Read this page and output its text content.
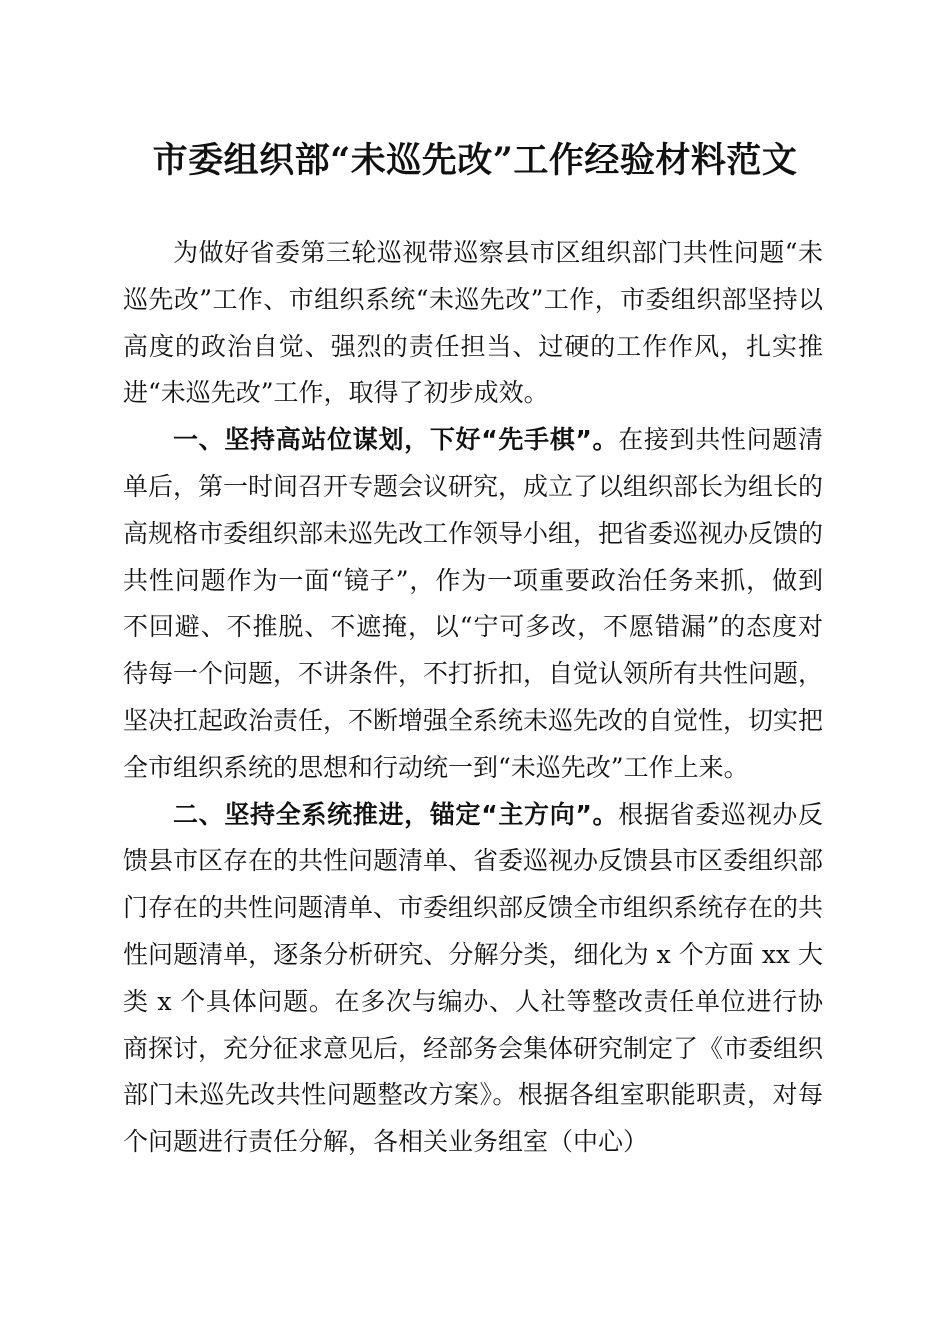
市委组织部“未巡先改”工作经验材料范文

为做好省委第三轮巡视带巡察县市区组织部门共性问题“未巡先改”工作、市组织系统“未巡先改”工作，市委组织部坚持以高度的政治自觉、强烈的责任担当、过硬的工作作风，扎实推进“未巡先改”工作，取得了初步成效。

一、坚持高站位谋划，下好“先手棋”。在接到共性问题清单后，第一时间召开专题会议研究，成立了以组织部长为组长的高规格市委组织部未巡先改工作领导小组，把省委巡视办反馈的共性问题作为一面“镜子”，作为一项重要政治任务来抓，做到不回避、不推脱、不遮掩，以“宁可多改，不愿错漏”的态度对待每一个问题，不讲条件，不打折扣，自觉认领所有共性问题，坚决扛起政治责任，不断增强全系统未巡先改的自觉性，切实把全市组织系统的思想和行动统一到“未巡先改”工作上来。

二、坚持全系统推进，锚定“主方向”。根据省委巡视办反馈县市区存在的共性问题清单、省委巡视办反馈县市区委组织部门存在的共性问题清单、市委组织部反馈全市组织系统存在的共性问题清单，逐条分析研究、分解分类，细化为 x 个方面 xx 大类 x 个具体问题。在多次与编办、人社等整改责任单位进行协商探讨，充分征求意见后，经部务会集体研究制定了《市委组织部门未巡先改共性问题整改方案》。根据各组室职能职责，对每个问题进行责任分解，各相关业务组室（中心）
